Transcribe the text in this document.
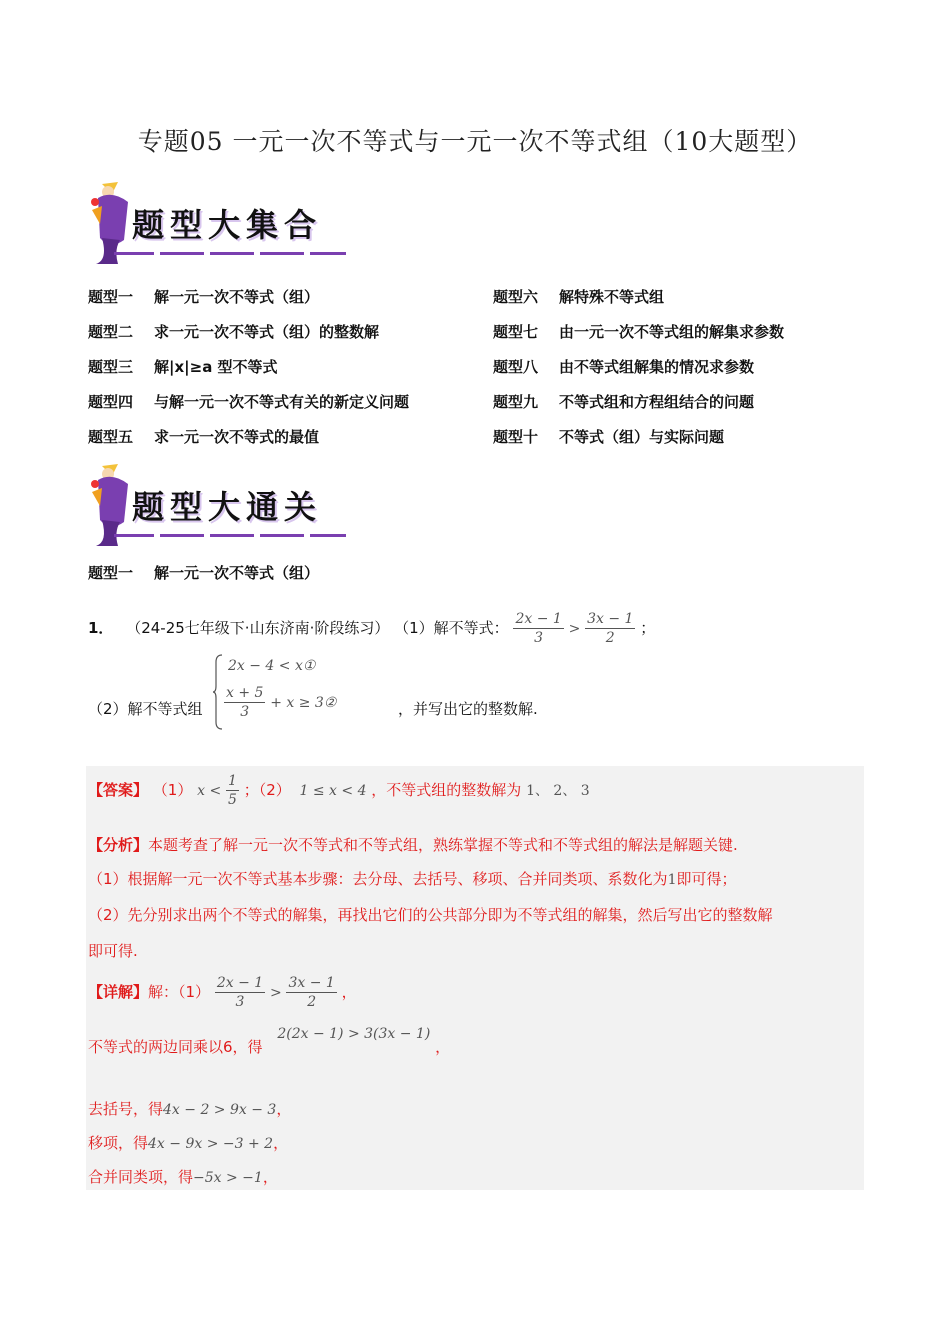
专题05 一元一次不等式与一元一次不等式组（10大题型）
题型大集合
题型一 解一元一次不等式（组）
题型二 求一元一次不等式（组）的整数解
题型三 解|x|≥a 型不等式
题型四 与解一元一次不等式有关的新定义问题
题型五 求一元一次不等式的最值
题型六 解特殊不等式组
题型七 由一元一次不等式组的解集求参数
题型八 由不等式组解集的情况求参数
题型九 不等式组和方程组结合的问题
题型十 不等式（组）与实际问题
题型大通关
题型一 解一元一次不等式（组）
1． （24-25七年级下·山东济南·阶段练习） （1）解不等式： $\frac{2x - 1}{3} > \frac{3x - 1}{2}$ ；
（2）解不等式组
2x − 4 < x①
$\frac{x + 5}{3} + x$ ≥ 3②	，并写出它的整数解.
【答案】 （1） $x < \frac{1}{5}$ ；（2） 1 ≤ x < 4 ，不等式组的整数解为 1、 2、 3
【分析】本题考查了解一元一次不等式和不等式组，熟练掌握不等式和不等式组的解法是解题关键.
（1）根据解一元一次不等式基本步骤：去分母、去括号、移项、合并同类项、系数化为1即可得；
（2）先分别求出两个不等式的解集，再找出它们的公共部分即为不等式组的解集，然后写出它的整数解
即可得.
【详解】解：$(1) \frac{2x - 1}{3} > \frac{3x - 1}{2}$ ，
不等式的两边同乘以6，得 2(2x − 1) > 3(3x − 1) ，
去括号，得4x − 2 > 9x − 3，
移项，得4x − 9x > −3 + 2，
合并同类项，得−5x > −1，
